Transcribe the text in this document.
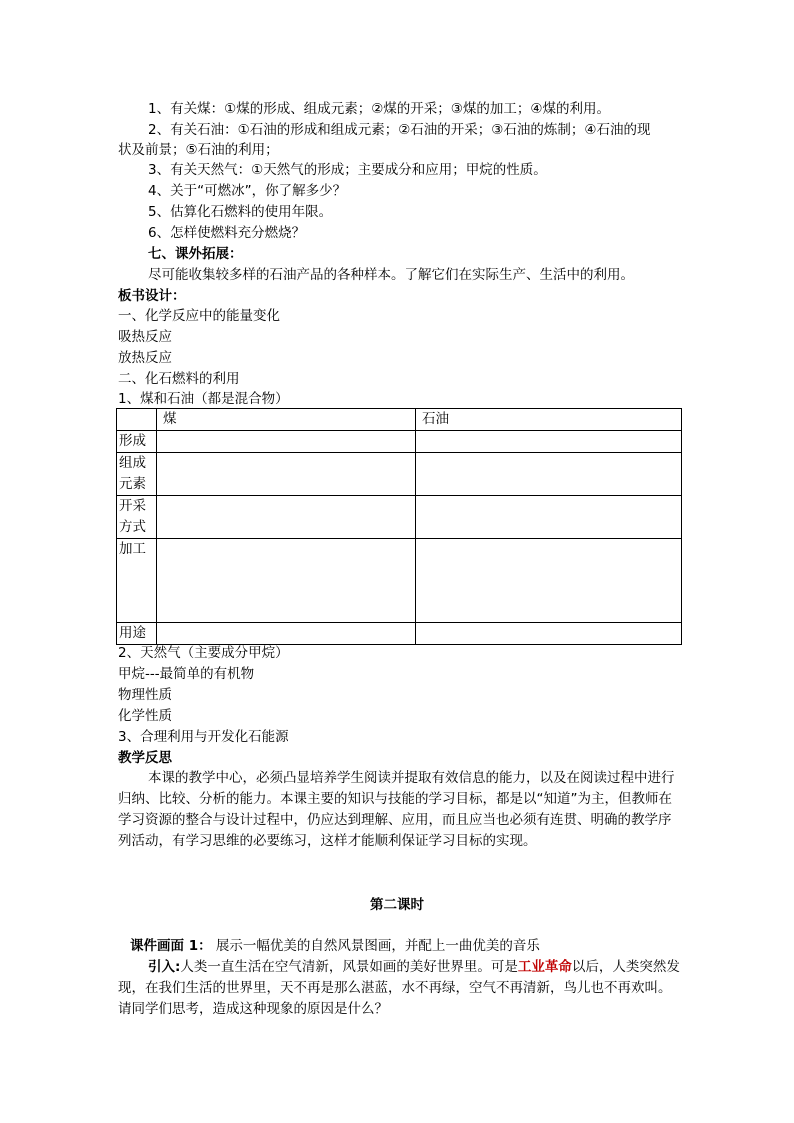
1、有关煤：①煤的形成、组成元素；②煤的开采；③煤的加工；④煤的利用。
2、有关石油：①石油的形成和组成元素；②石油的开采；③石油的炼制；④石油的现
状及前景；⑤石油的利用；
3、有关天然气：①天然气的形成；主要成分和应用；甲烷的性质。
4、关于“可燃冰”，你了解多少？
5、估算化石燃料的使用年限。
6、怎样使燃料充分燃烧？
七、课外拓展：
尽可能收集较多样的石油产品的各种样本。了解它们在实际生产、生活中的利用。
板书设计：
一、化学反应中的能量变化
吸热反应
放热反应
二、化石燃料的利用
1、煤和石油（都是混合物）
	煤	石油
形成		
组成元素		
开采方式		
加工		
用途		
2、天然气（主要成分甲烷）
甲烷---最简单的有机物
物理性质
化学性质
3、合理利用与开发化石能源
教学反思
本课的教学中心，必须凸显培养学生阅读并提取有效信息的能力，以及在阅读过程中进行归纳、比较、分析的能力。本课主要的知识与技能的学习目标，都是以“知道”为主，但教师在学习资源的整合与设计过程中，仍应达到理解、应用，而且应当也必须有连贯、明确的教学序列活动，有学习思维的必要练习，这样才能顺利保证学习目标的实现。
第二课时
课件画面 1： 展示一幅优美的自然风景图画，并配上一曲优美的音乐
引入:人类一直生活在空气清新，风景如画的美好世界里。可是工业革命以后，人类突然发现，在我们生活的世界里，天不再是那么湛蓝，水不再绿，空气不再清新，鸟儿也不再欢叫。请同学们思考，造成这种现象的原因是什么？
